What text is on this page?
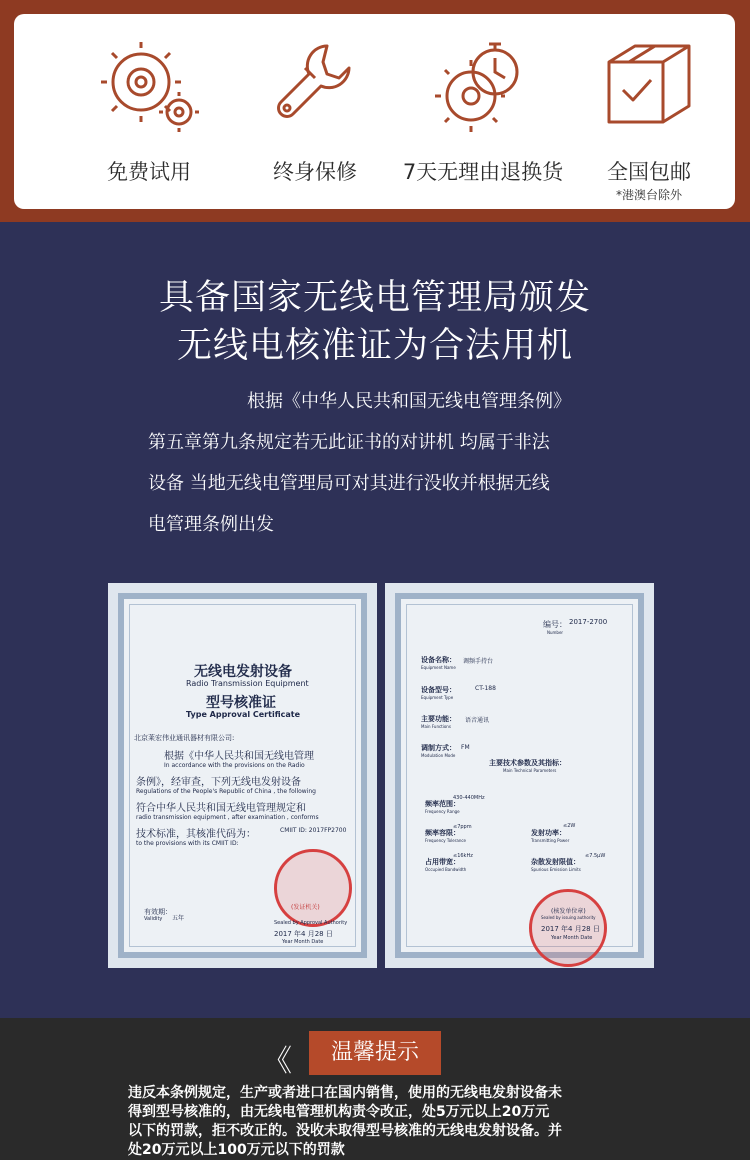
免费试用	终身保修	7天无理由退换货	全国包邮
*港澳台除外
具备国家无线电管理局颁发
无线电核准证为合法用机
根据《中华人民共和国无线电管理条例》
第五章第九条规定若无此证书的对讲机 均属于非法
设备 当地无线电管理局可对其进行没收并根据无线
电管理条例出发
无线电发射设备
Radio Transmission Equipment
型号核准证
Type Approval Certificate
北京莱宏伟业通讯器材有限公司:
根据《中华人民共和国无线电管理
In accordance with the provisions on the Radio
条例》，经审查，下列无线电发射设备
Regulations of the People's Republic of China , the following
符合中华人民共和国无线电管理规定和
radio transmission equipment , after examination , conforms
技术标准，其核准代码为：
to the provisions with its CMIIT ID:
CMIIT ID: 2017FP2700
(发证机关)
有效期：
Validity 五年
Sealed by Approval Authority
2017 年4 月28 日
Year Month Date
编号： 2017-2700
Number
设备名称：
Equipment Name
调频手持台
设备型号：
Equipment Type
CT-188
主要功能：
Main Functions
语音通讯
调制方式：
Modulation Mode
FM
主要技术参数及其指标：
Main Technical Parameters
频率范围：
Frequency Range
430-440MHz
频率容限：
Frequency Tolerance
≤7ppm
发射功率：
Transmitting Power
≤2W
占用带宽：
Occupied Bandwidth
≤16kHz
杂散发射限值：
Spurious Emission Limits
≤7.5μW
(核发单位章)
Sealed by issuing authority
2017 年4 月28 日
Year Month Date
《	温馨提示
违反本条例规定，生产或者进口在国内销售，使用的无线电发射设备未
得到型号核准的，由无线电管理机构责令改正，处5万元以上20万元
以下的罚款，拒不改正的。没收未取得型号核准的无线电发射设备。并
处20万元以上100万元以下的罚款
